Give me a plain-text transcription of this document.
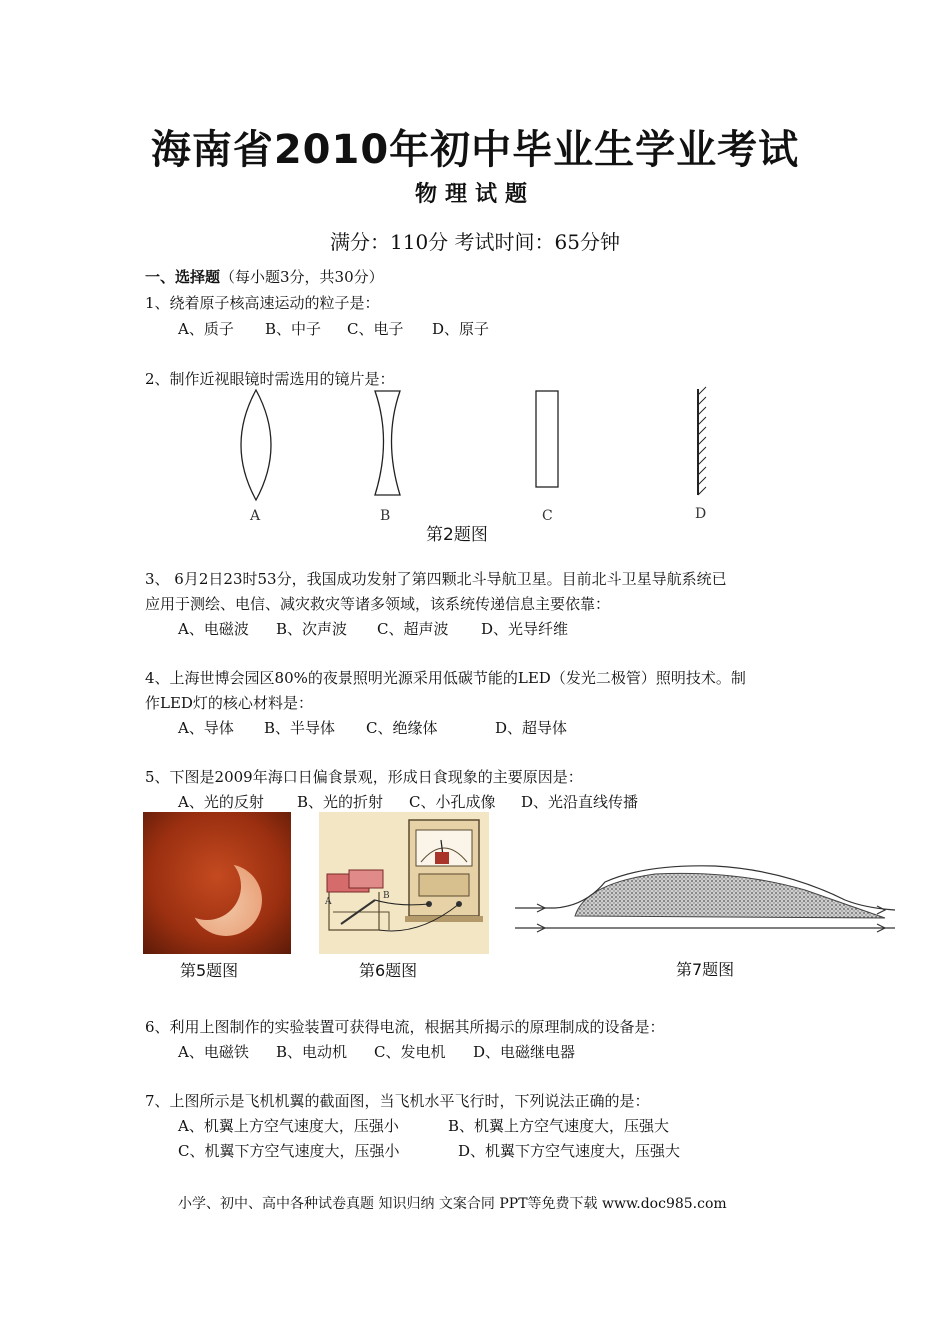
海南省2010年初中毕业生学业考试
物理试题
满分：110分 考试时间：65分钟
一、选择题（每小题3分，共30分）
1、绕着原子核高速运动的粒子是：
A、质子 B、中子 C、电子 D、原子
2、制作近视眼镜时需选用的镜片是：
A	B	C	D
第2题图
3、 6月2日23时53分，我国成功发射了第四颗北斗导航卫星。目前北斗卫星导航系统已
应用于测绘、电信、减灾救灾等诸多领域，该系统传递信息主要依靠：
A、电磁波 B、次声波 C、超声波 D、光导纤维
4、上海世博会园区80%的夜景照明光源采用低碳节能的LED（发光二极管）照明技术。制
作LED灯的核心材料是：
A、导体 B、半导体 C、绝缘体	D、超导体
5、下图是2009年海口日偏食景观，形成日食现象的主要原因是：
A、光的反射 B、光的折射 C、小孔成像 D、光沿直线传播
第5题图
A
B
第6题图	第7题图
6、利用上图制作的实验装置可获得电流，根据其所揭示的原理制成的设备是：
A、电磁铁 B、电动机 C、发电机 D、电磁继电器
7、上图所示是飞机机翼的截面图，当飞机水平飞行时，下列说法正确的是：
A、机翼上方空气速度大，压强小	B、机翼上方空气速度大，压强大
C、机翼下方空气速度大，压强小	D、机翼下方空气速度大，压强大
小学、初中、高中各种试卷真题 知识归纳 文案合同 PPT等免费下载 www.doc985.com
